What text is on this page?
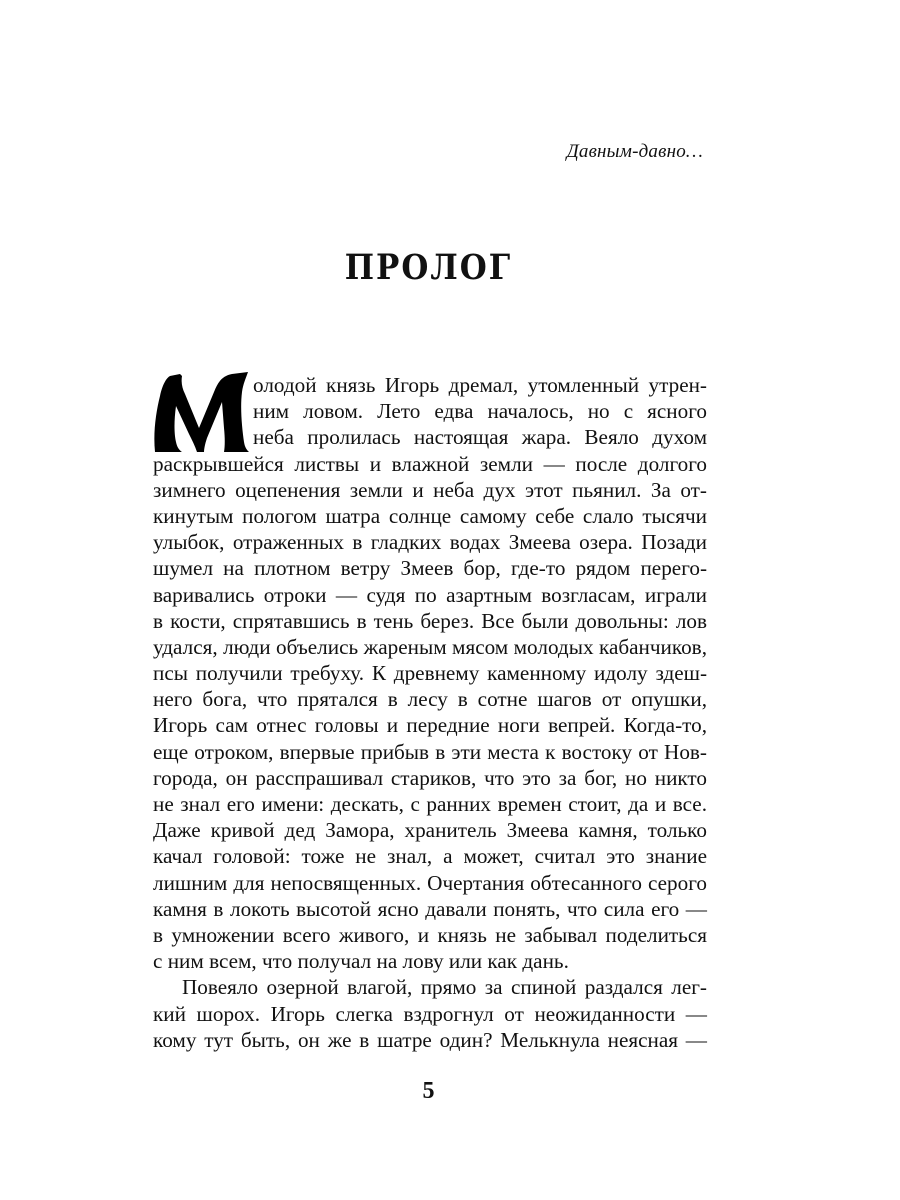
Давным-давно…
ПРОЛОГ
олодой князь Игорь дремал, утомленный утрен-
ним ловом. Лето едва началось, но с ясного
неба пролилась настоящая жара. Веяло духом
раскрывшейся листвы и влажной земли — после долгого
зимнего оцепенения земли и неба дух этот пьянил. За от-
кинутым пологом шатра солнце самому себе слало тысячи
улыбок, отраженных в гладких водах Змеева озера. Позади
шумел на плотном ветру Змеев бор, где-то рядом перего-
варивались отроки — судя по азартным возгласам, играли
в кости, спрятавшись в тень берез. Все были довольны: лов
удался, люди объелись жареным мясом молодых кабанчиков,
псы получили требуху. К древнему каменному идолу здеш-
него бога, что прятался в лесу в сотне шагов от опушки,
Игорь сам отнес головы и передние ноги вепрей. Когда-то,
еще отроком, впервые прибыв в эти места к востоку от Нов-
города, он расспрашивал стариков, что это за бог, но никто
не знал его имени: дескать, с ранних времен стоит, да и все.
Даже кривой дед Замора, хранитель Змеева камня, только
качал головой: тоже не знал, а может, считал это знание
лишним для непосвященных. Очертания обтесанного серого
камня в локоть высотой ясно давали понять, что сила его —
в умножении всего живого, и князь не забывал поделиться
с ним всем, что получал на лову или как дань.
Повеяло озерной влагой, прямо за спиной раздался лег-
кий шорох. Игорь слегка вздрогнул от неожиданности —
кому тут быть, он же в шатре один? Мелькнула неясная —
5
